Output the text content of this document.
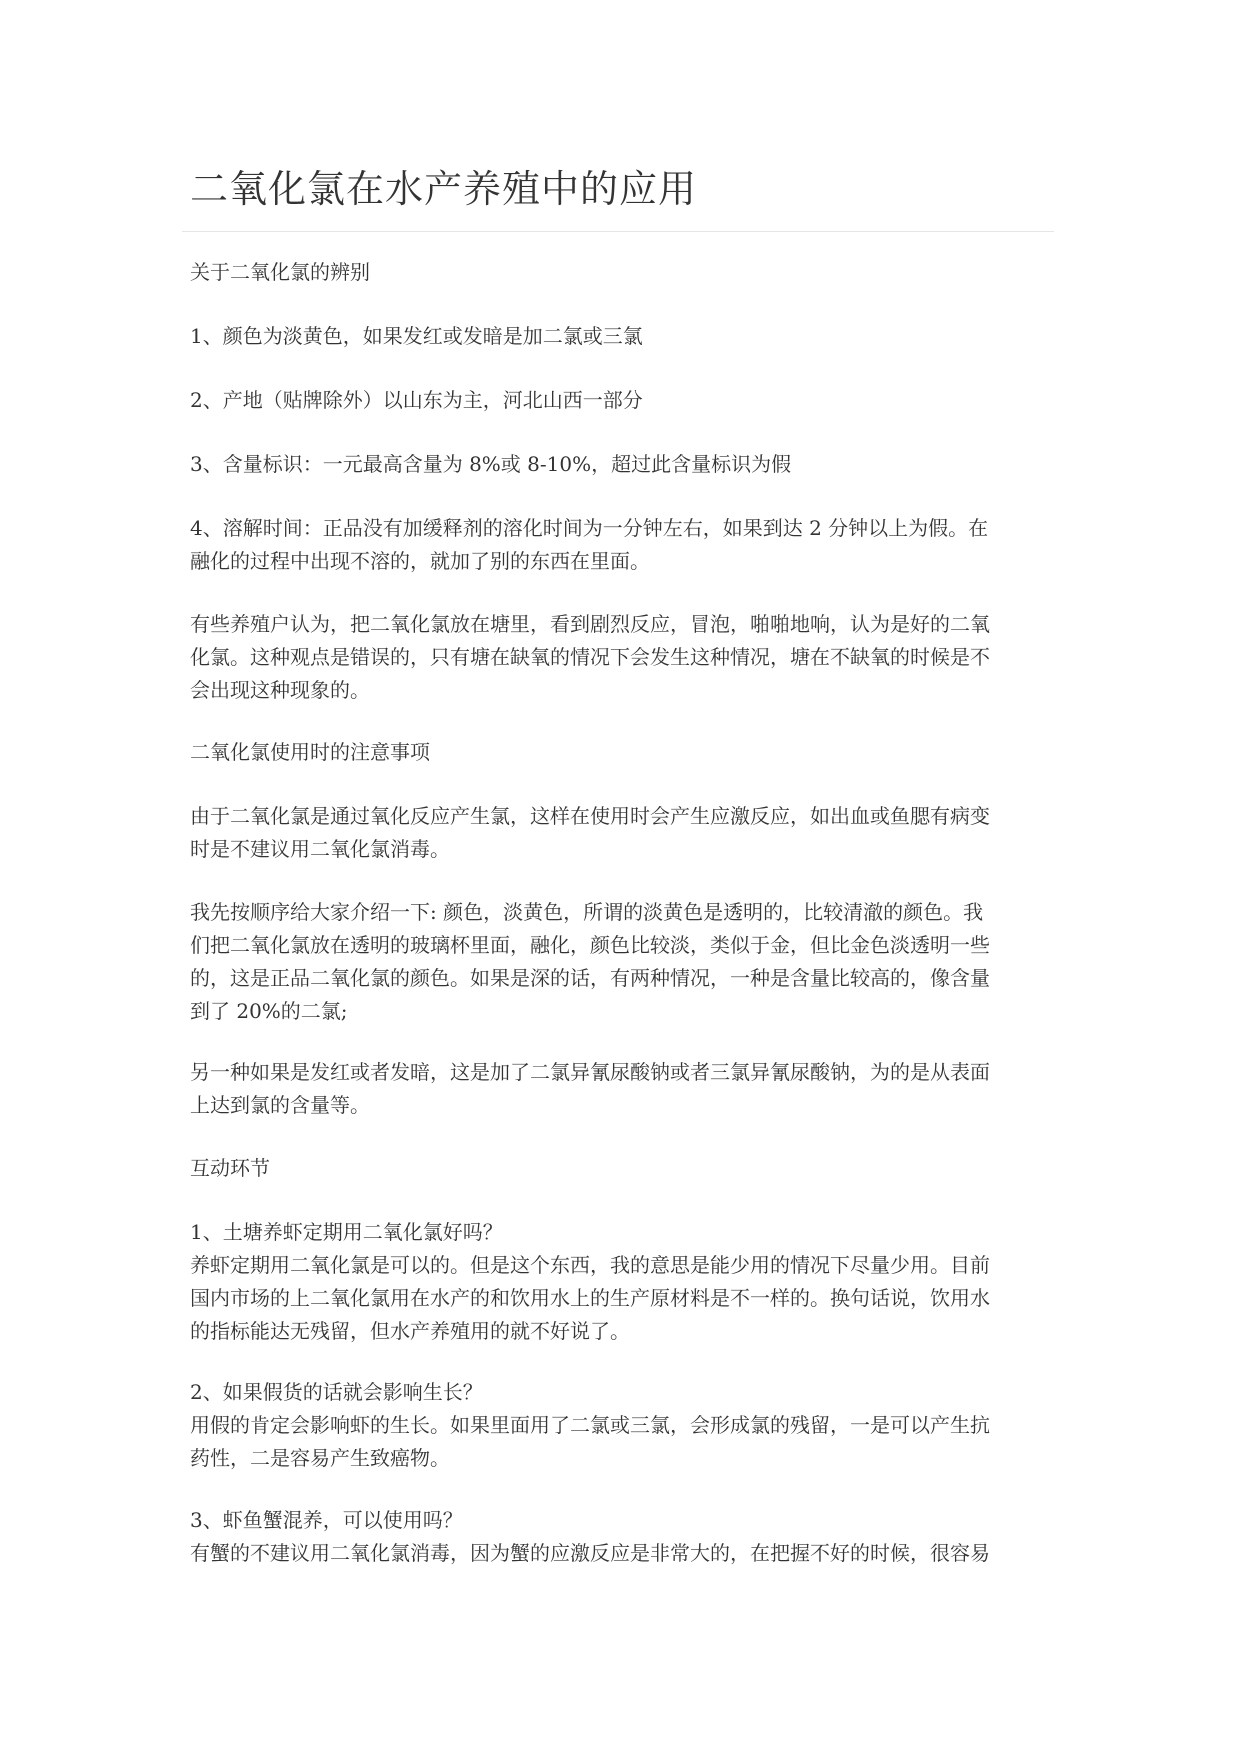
二氧化氯在水产养殖中的应用

关于二氧化氯的辨别

1、颜色为淡黄色，如果发红或发暗是加二氯或三氯

2、产地（贴牌除外）以山东为主，河北山西一部分

3、含量标识：一元最高含量为 8%或 8-10%，超过此含量标识为假

4、溶解时间：正品没有加缓释剂的溶化时间为一分钟左右，如果到达 2 分钟以上为假。在
融化的过程中出现不溶的，就加了别的东西在里面。

有些养殖户认为，把二氧化氯放在塘里，看到剧烈反应，冒泡，啪啪地响，认为是好的二氧
化氯。这种观点是错误的，只有塘在缺氧的情况下会发生这种情况，塘在不缺氧的时候是不
会出现这种现象的。

二氧化氯使用时的注意事项

由于二氧化氯是通过氧化反应产生氯，这样在使用时会产生应激反应，如出血或鱼腮有病变
时是不建议用二氧化氯消毒。

我先按顺序给大家介绍一下: 颜色，淡黄色，所谓的淡黄色是透明的，比较清澈的颜色。我
们把二氧化氯放在透明的玻璃杯里面，融化，颜色比较淡，类似于金，但比金色淡透明一些
的，这是正品二氧化氯的颜色。如果是深的话，有两种情况，一种是含量比较高的，像含量
到了 20%的二氯;

另一种如果是发红或者发暗，这是加了二氯异氰尿酸钠或者三氯异氰尿酸钠，为的是从表面
上达到氯的含量等。

互动环节

1、土塘养虾定期用二氧化氯好吗？
养虾定期用二氧化氯是可以的。但是这个东西，我的意思是能少用的情况下尽量少用。目前
国内市场的上二氧化氯用在水产的和饮用水上的生产原材料是不一样的。换句话说，饮用水
的指标能达无残留，但水产养殖用的就不好说了。

2、如果假货的话就会影响生长？
用假的肯定会影响虾的生长。如果里面用了二氯或三氯，会形成氯的残留，一是可以产生抗
药性，二是容易产生致癌物。

3、虾鱼蟹混养，可以使用吗？
有蟹的不建议用二氧化氯消毒，因为蟹的应激反应是非常大的，在把握不好的时候，很容易
